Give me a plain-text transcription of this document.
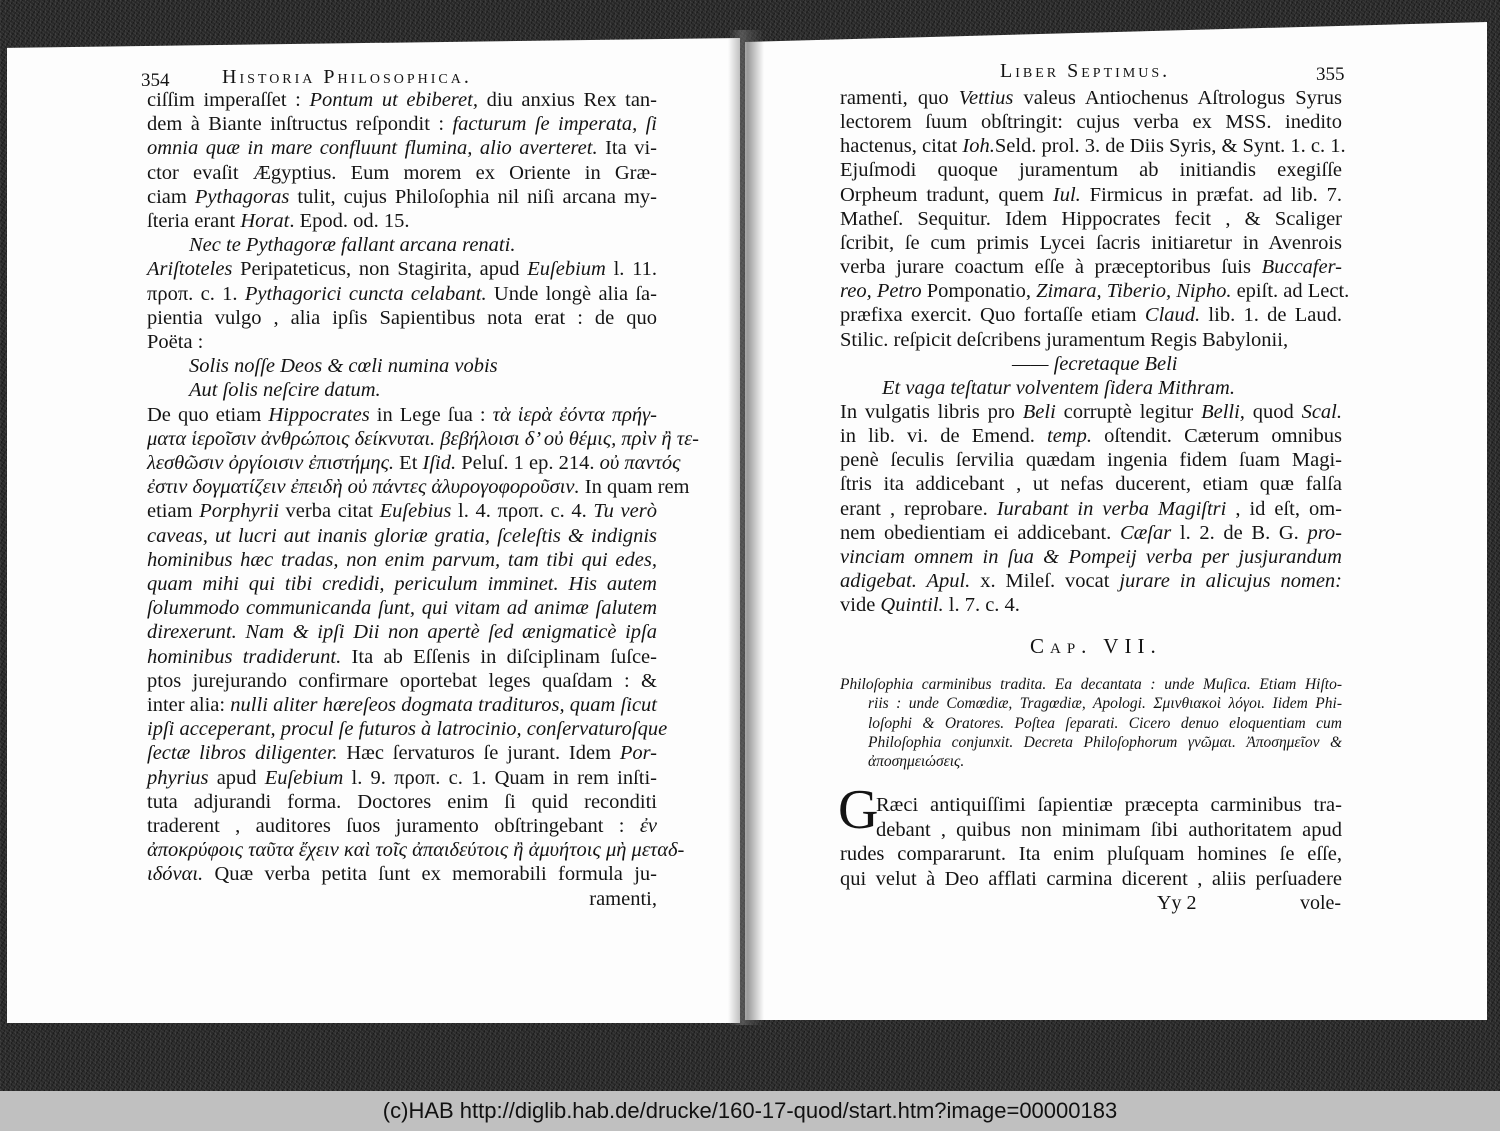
354	Historia Philosophica.
ciſſim imperaſſet : Pontum ut ebiberet, diu anxius Rex tan-
dem à Biante inſtructus reſpondit : facturum ſe imperata, ſi
omnia quæ in mare confluunt flumina, alio averteret. Ita vi-
ctor evaſit Ægyptius. Eum morem ex Oriente in Græ-
ciam Pythagoras tulit, cujus Philoſophia nil niſi arcana my-
ſteria erant Horat. Epod. od. 15.
Nec te Pythagoræ fallant arcana renati.
Ariſtoteles Peripateticus, non Stagirita, apud Euſebium l. 11.
προπ. c. 1. Pythagorici cuncta celabant. Unde longè alia ſa-
pientia vulgo , alia ipſis Sapientibus nota erat : de quo
Poëta :
Solis noſſe Deos & cœli numina vobis
Aut ſolis neſcire datum.
De quo etiam Hippocrates in Lege ſua : τὰ ἱερὰ ἐόντα πρήγ-
ματα ἱεροῖσιν ἀνθρώποις δείκνυται. βεβήλοισι δ’ οὐ θέμις, πρὶν ἢ τε-
λεσθῶσιν ὀργίοισιν ἐπιστήμης. Et Iſid. Peluſ. 1 ep. 214. οὐ παντός
ἐστιν δογματίζειν ἐπειδὴ οὐ πάντες ἀλυρογοφοροῦσιν. In quam rem
etiam Porphyrii verba citat Euſebius l. 4. προπ. c. 4. Tu verò
caveas, ut lucri aut inanis gloriæ gratia, ſceleſtis & indignis
hominibus hæc tradas, non enim parvum, tam tibi qui edes,
quam mihi qui tibi credidi, periculum imminet. His autem
ſolummodo communicanda ſunt, qui vitam ad animæ ſalutem
direxerunt. Nam & ipſi Dii non apertè ſed ænigmaticè ipſa
hominibus tradiderunt. Ita ab Eſſenis in diſciplinam ſuſce-
ptos jurejurando confirmare oportebat leges quaſdam : &
inter alia: nulli aliter hæreſeos dogmata tradituros, quam ſicut
ipſi acceperant, procul ſe futuros à latrocinio, conſervaturoſque
ſectæ libros diligenter. Hæc ſervaturos ſe jurant. Idem Por-
phyrius apud Euſebium l. 9. προπ. c. 1. Quam in rem inſti-
tuta adjurandi forma. Doctores enim ſi quid reconditi
traderent , auditores ſuos juramento obſtringebant : ἐν
ἀποκρύφοις ταῦτα ἔχειν καὶ τοῖς ἀπαιδεύτοις ἢ ἀμυήτοις μὴ μεταδ-
ιδόναι. Quæ verba petita ſunt ex memorabili formula ju-
ramenti,
Liber Septimus.	355
ramenti, quo Vettius valeus Antiochenus Aſtrologus Syrus
lectorem ſuum obſtringit: cujus verba ex MSS. inedito
hactenus, citat Ioh.Seld. prol. 3. de Diis Syris, & Synt. 1. c. 1.
Ejuſmodi quoque juramentum ab initiandis exegiſſe
Orpheum tradunt, quem Iul. Firmicus in præfat. ad lib. 7.
Matheſ. Sequitur. Idem Hippocrates fecit , & Scaliger
ſcribit, ſe cum primis Lycei ſacris initiaretur in Avenrois
verba jurare coactum eſſe à præceptoribus ſuis Buccafer-
reo, Petro Pomponatio, Zimara, Tiberio, Nipho. epiſt. ad Lect.
præfixa exercit. Quo fortaſſe etiam Claud. lib. 1. de Laud.
Stilic. reſpicit deſcribens juramentum Regis Babylonii,
—— ſecretaque Beli
Et vaga teſtatur volventem ſidera Mithram.
In vulgatis libris pro Beli corruptè legitur Belli, quod Scal.
in lib. vi. de Emend. temp. oſtendit. Cæterum omnibus
penè ſeculis ſervilia quædam ingenia fidem ſuam Magi-
ſtris ita addicebant , ut nefas ducerent, etiam quæ falſa
erant , reprobare. Iurabant in verba Magiſtri , id eſt, om-
nem obedientiam ei addicebant. Cæſar l. 2. de B. G. pro-
vinciam omnem in ſua & Pompeij verba per jusjurandum
adigebat. Apul. x. Mileſ. vocat jurare in alicujus nomen:
vide Quintil. l. 7. c. 4.
Cap. VII.
Philoſophia carminibus tradita. Ea decantata : unde Muſica. Etiam Hiſto-
riis : unde Comœdiæ, Tragœdiæ, Apologi. Σμινθιακοὶ λόγοι. Iidem Phi-
loſophi & Oratores. Poſtea ſeparati. Cicero denuo eloquentiam cum
Philoſophia conjunxit. Decreta Philoſophorum γνῶμαι. Ἀποσημεῖον &
ἀποσημειώσεις.
G
Ræci antiquiſſimi ſapientiæ præcepta carminibus tra-
debant , quibus non minimam ſibi authoritatem apud
rudes compararunt. Ita enim pluſquam homines ſe eſſe,
qui velut à Deo afflati carmina dicerent , aliis perſuadere
Yy 2	vole-
(c)HAB http://diglib.hab.de/drucke/160-17-quod/start.htm?image=00000183
